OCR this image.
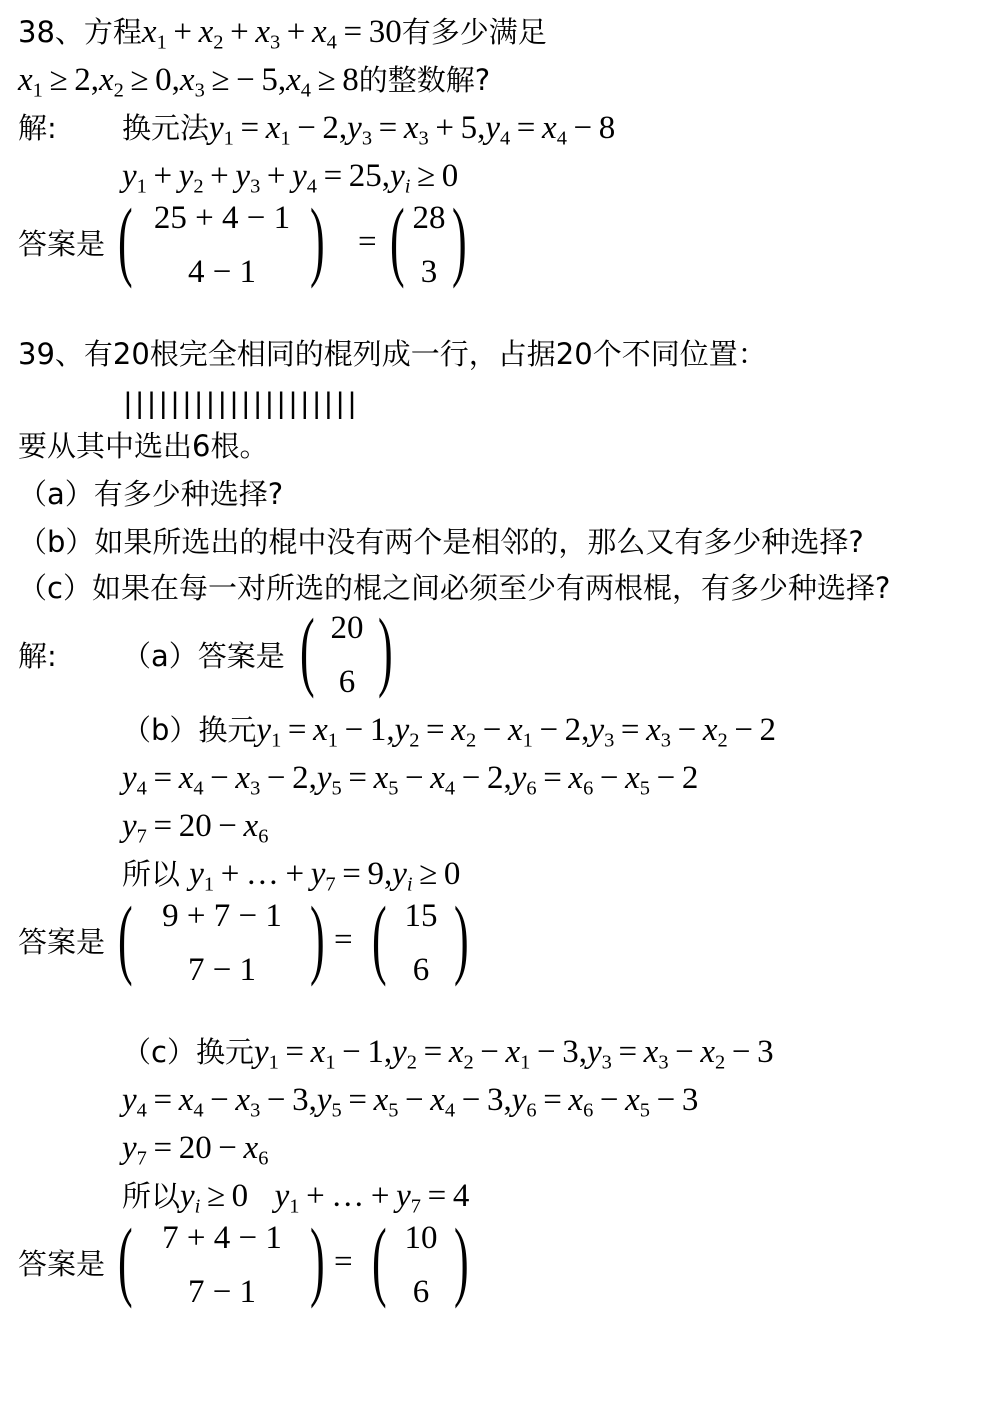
38、方程$x_1 + x_2 + x_3 + x_4 = 30$有多少满足
$x_1 \ge 2,x_2 \ge 0,x_3$ ≥ − $5,x_4 \ge 8$的整数解?
解: 换元法$y_1 = x_1 - 2,y_3 = x_3 + 5,y_4 = x_4 - 8$
$y_1 + y_2 + y_3 + y_4 = 25,y_i \ge 0$
答案是 (	)
25 + 4 − 1
4 − 1
= ( )
28
3
39、有20根完全相同的棍列成一行，占据20个不同位置：
||||||||||||||||||||
要从其中选出6根。
（a）有多少种选择?
（b）如果所选出的棍中没有两个是相邻的，那么又有多少种选择?
（c）如果在每一对所选的棍之间必须至少有两根棍，有多少种选择?
解: （a）答案是 ( )
20
6
（b）换元$y_1 = x_1 - 1,y_2 = x_2 - x_1 - 2,y_3 = x_3 - x_2 - 2$
$y_4 = x_4 - x_3 - 2,y_5 = x_5 - x_4 - 2,y_6 = x_6 - x_5 - 2$
$y_7 = 20 - x_6$
所以 $y_1$ + … + $y_7 = 9,y_i \ge 0$
答案是 (	)
9 + 7 − 1
7 − 1
= ( )
15
6
（c）换元$y_1 = x_1 - 1,y_2 = x_2 - x_1 - 3,y_3 = x_3 - x_2 - 3$
$y_4 = x_4 - x_3 - 3,y_5 = x_5 - x_4 - 3,y_6 = x_6 - x_5 - 3$
$y_7 = 20 - x_6$
所以$y_i \ge 0$    $y_1$ + … + $y_7 = 4$
答案是 (	)
7 + 4 − 1
7 − 1
= ( )
10
6
